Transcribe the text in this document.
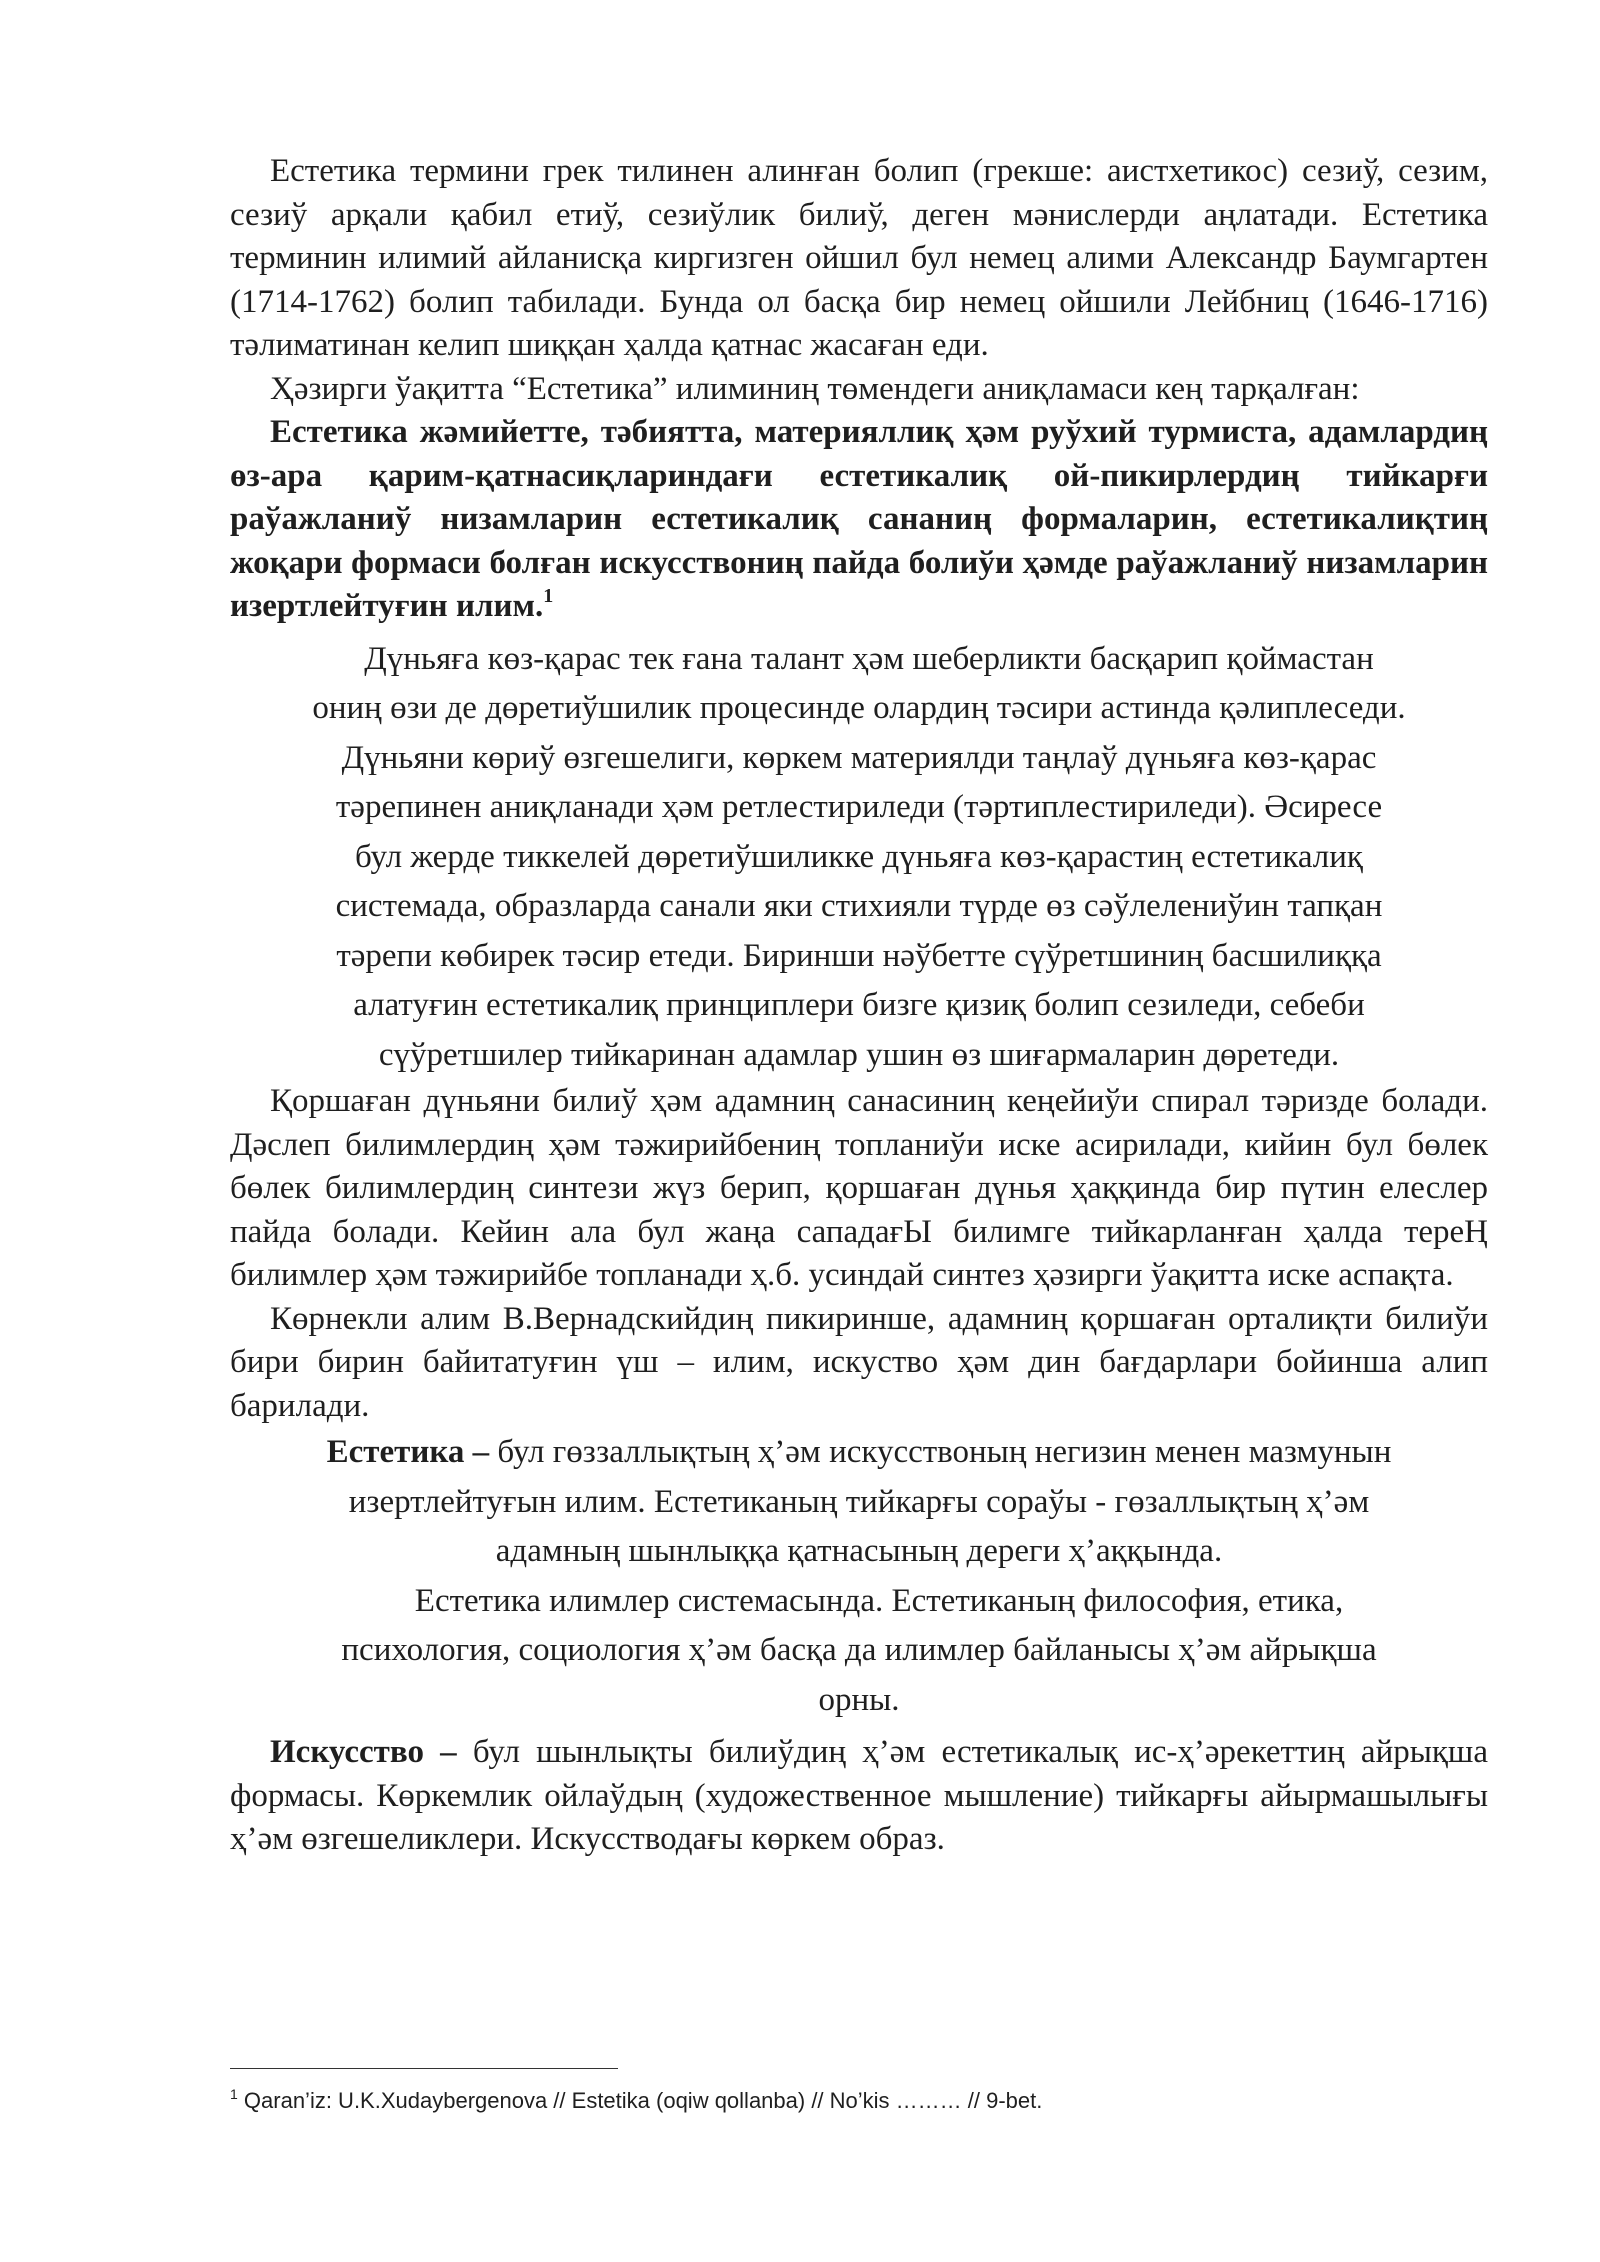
Естетика термини грек тилинен алинған болип (грекше: аистхетикос) сезиў, сезим, сезиў арқали қабил етиў, сезиўлик билиў, деген мәнислерди аңлатади. Естетика терминин илимий айланисқа киргизген ойшил бул немец алими Александр Баумгартен (1714-1762) болип табилади. Бунда ол басқа бир немец ойшили Лейбниц (1646-1716) тәлиматинан келип шиққан ҳалда қатнас жасаған еди.

Ҳәзирги ўақитта “Естетика” илиминиң төмендеги аниқламаси кең тарқалған:

Естетика жәмийетте, тәбиятта, материяллиқ ҳәм руўхий турмиста, адамлардиң өз-ара қарим-қатнасиқлариндағи естетикалиқ ой-пикирлердиң тийкарғи раўажланиў низамларин естетикалиқ сананиң формаларин, естетикалиқтиң жоқари формаси болған искусствониң пайда болиўи ҳәмде раўажланиў низамларин изертлейтуғин илим.$^1$

Дүньяға көз-қарас тек ғана талант ҳәм шеберликти басқарип қоймастан

ониң өзи де дөретиўшилик процесинде олардиң тәсири астинда қәлиплеседи.

Дүньяни көриў өзгешелиги, көркем материялди таңлаў дүньяға көз-қарас

тәрепинен аниқланади ҳәм ретлестириледи (тәртиплестириледи). Әсиресе

бул жерде тиккелей дөретиўшиликке дүньяға көз-қарастиң естетикалиқ

системада, образларда санали яки стихияли түрде өз сәўлелениўин тапқан

тәрепи көбирек тәсир етеди. Биринши нәўбетте сүўретшиниң басшилиққа

алатуғин естетикалиқ принциплери бизге қизиқ болип сезиледи, себеби

сүўретшилер тийкаринан адамлар ушин өз шиғармаларин дөретеди.

Қоршаған дүньяни билиў ҳәм адамниң санасиниң кеңейиўи спирал тәризде болади. Дәслеп билимлердиң ҳәм тәжирийбениң топланиўи иске асирилади, кийин бул бөлек бөлек билимлердиң синтези жүз берип, қоршаған дүнья ҳаққинда бир пүтин елеслер пайда болади. Кейин ала бул жаңа сападағЫ билимге тийкарланған ҳалда тереҢ билимлер ҳәм тәжирийбе топланади ҳ.б. усиндай синтез ҳәзирги ўақитта иске аспақта.

Көрнекли алим В.Вернадскийдиң пикиринше, адамниң қоршаған орталиқти билиўи бири бирин байитатуғин үш – илим, искуство ҳәм дин бағдарлари бойинша алип барилади.

Естетика – бул гөззаллықтың ҳ’әм искусствоның негизин менен мазмунын

изертлейтуғын илим. Естетиканың тийкарғы сораўы - гөзаллықтың ҳ’әм

адамның шынлыққа қатнасының дереги ҳ’аққында.

Естетика илимлер системасында. Естетиканың философия, етика,

психология, социология ҳ’әм басқа да илимлер байланысы ҳ’әм айрықша

орны.

Искусство – бул шынлықты билиўдиң ҳ’әм естетикалық ис-ҳ’әрекеттиң айрықша формасы. Көркемлик ойлаўдың (художественное мышление) тийкарғы айырмашылығы ҳ’әм өзгешеликлери. Искусстводағы көркем образ.

$^1$ Qaran’iz: U.K.Xudaybergenova // Estetika (oqiw qollanba) // No’kis ……… // 9-bet.
